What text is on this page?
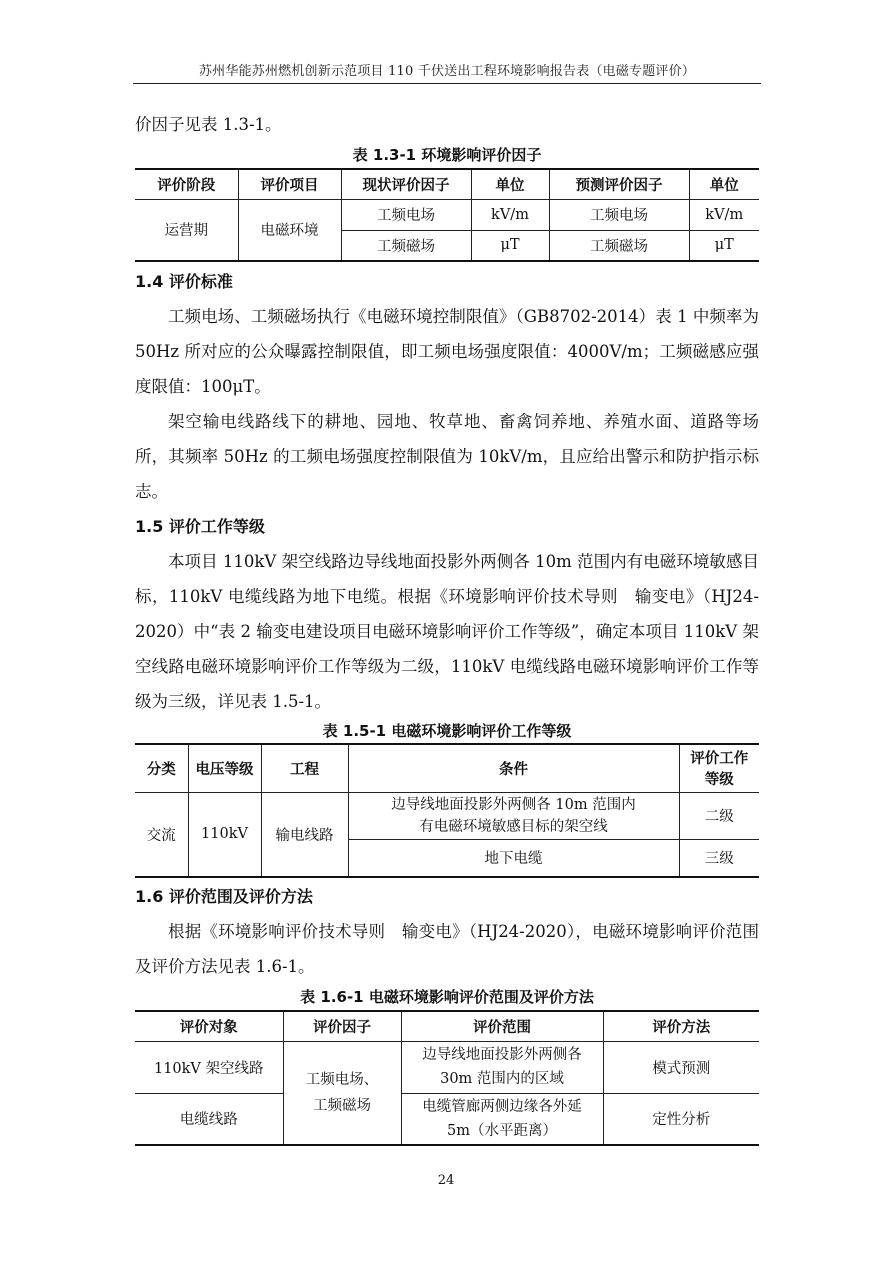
苏州华能苏州燃机创新示范项目 110 千伏送出工程环境影响报告表（电磁专题评价）

价因子见表 1.3-1。

表 1.3-1 环境影响评价因子

评价阶段	评价项目	现状评价因子	单位	预测评价因子	单位
运营期	电磁环境	工频电场	kV/m	工频电场	kV/m
		工频磁场	μT	工频磁场	μT

1.4 评价标准

工频电场、工频磁场执行《电磁环境控制限值》（GB8702-2014）表 1 中频率为 50Hz 所对应的公众曝露控制限值，即工频电场强度限值：4000V/m；工频磁感应强度限值：100μT。

架空输电线路线下的耕地、园地、牧草地、畜禽饲养地、养殖水面、道路等场所，其频率 50Hz 的工频电场强度控制限值为 10kV/m，且应给出警示和防护指示标志。

1.5 评价工作等级

本项目 110kV 架空线路边导线地面投影外两侧各 10m 范围内有电磁环境敏感目标，110kV 电缆线路为地下电缆。根据《环境影响评价技术导则　输变电》（HJ24-2020）中“表 2 输变电建设项目电磁环境影响评价工作等级”，确定本项目 110kV 架空线路电磁环境影响评价工作等级为二级，110kV 电缆线路电磁环境影响评价工作等级为三级，详见表 1.5-1。

表 1.5-1 电磁环境影响评价工作等级

分类	电压等级	工程	条件	评价工作等级
交流	110kV	输电线路	边导线地面投影外两侧各 10m 范围内有电磁环境敏感目标的架空线	二级
			地下电缆	三级

1.6 评价范围及评价方法

根据《环境影响评价技术导则　输变电》（HJ24-2020），电磁环境影响评价范围及评价方法见表 1.6-1。

表 1.6-1 电磁环境影响评价范围及评价方法

评价对象	评价因子	评价范围	评价方法
110kV 架空线路	工频电场、工频磁场	边导线地面投影外两侧各 30m 范围内的区域	模式预测
电缆线路		电缆管廊两侧边缘各外延 5m（水平距离）	定性分析
24
